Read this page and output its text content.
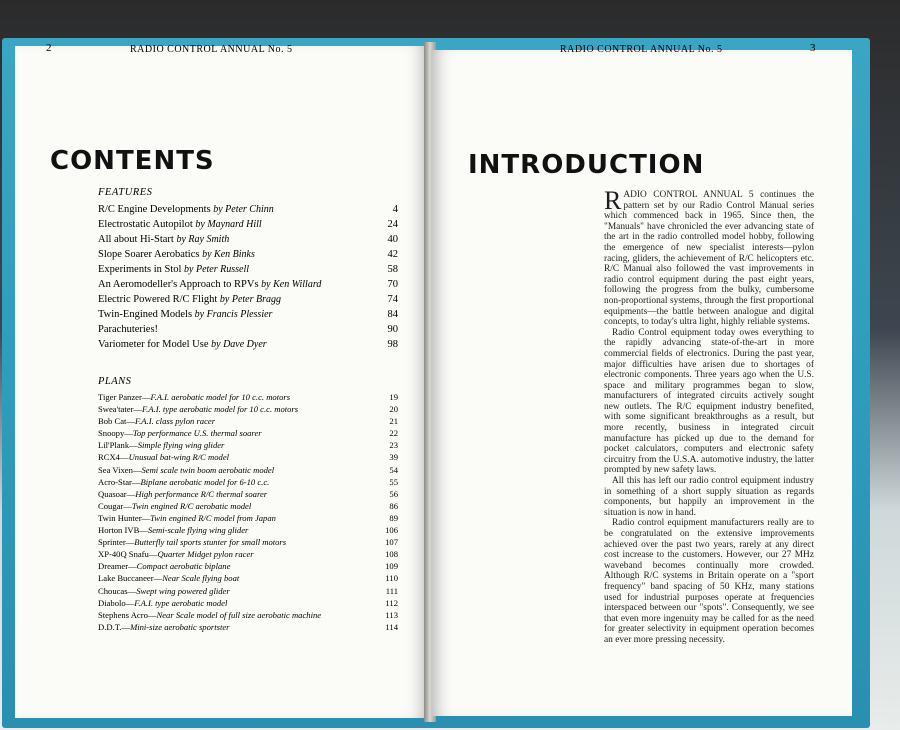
2	RADIO CONTROL ANNUAL No. 5
CONTENTS
FEATURES
R/C Engine Developments by Peter Chinn	4
Electrostatic Autopilot by Maynard Hill	24
All about Hi-Start by Ray Smith	40
Slope Soarer Aerobatics by Ken Binks	42
Experiments in Stol by Peter Russell	58
An Aeromodeller's Approach to RPVs by Ken Willard	70
Electric Powered R/C Flight by Peter Bragg	74
Twin-Engined Models by Francis Plessier	84
Parachuteries!	90
Variometer for Model Use by Dave Dyer	98
PLANS
Tiger Panzer—F.A.I. aerobatic model for 10 c.c. motors	19
Swea'tater—F.A.I. type aerobatic model for 10 c.c. motors	20
Bob Cat—F.A.I. class pylon racer	21
Snoopy—Top performance U.S. thermal soarer	22
Lil'Plank—Simple flying wing glider	23
RCX4—Unusual bat-wing R/C model	39
Sea Vixen—Semi scale twin boom aerobatic model	54
Acro-Star—Biplane aerobatic model for 6-10 c.c.	55
Quasoar—High performance R/C thermal soarer	56
Cougar—Twin engined R/C aerobatic model	86
Twin Hunter—Twin engined R/C model from Japan	89
Horton IVB—Semi-scale flying wing glider	106
Sprinter—Butterfly tail sports stunter for small motors	107
XP-40Q Snafu—Quarter Midget pylon racer	108
Dreamer—Compact aerobatic biplane	109
Lake Buccaneer—Near Scale flying boat	110
Choucas—Swept wing powered glider	111
Diabolo—F.A.I. type aerobatic model	112
Stephens Acro—Near Scale model of full size aerobatic machine	113
D.D.T.—Mini-size aerobatic sportster	114
RADIO CONTROL ANNUAL No. 5	3
INTRODUCTION

RADIO CONTROL ANNUAL 5 continues the pattern set by our Radio Control Manual series which commenced back in 1965. Since then, the "Manuals" have chronicled the ever advancing state of the art in the radio controlled model hobby, following the emergence of new specialist interests—pylon racing, gliders, the achievement of R/C helicopters etc. R/C Manual also followed the vast improvements in radio control equipment during the past eight years, following the progress from the bulky, cumbersome non-proportional systems, through the first proportional equipments—the battle between analogue and digital concepts, to today's ultra light, highly reliable systems.

Radio Control equipment today owes everything to the rapidly advancing state-of-the-art in more commercial fields of electronics. During the past year, major difficulties have arisen due to shortages of electronic components. Three years ago when the U.S. space and military programmes began to slow, manufacturers of integrated circuits actively sought new outlets. The R/C equipment industry benefited, with some significant breakthroughs as a result, but more recently, business in integrated circuit manufacture has picked up due to the demand for pocket calculators, computers and electronic safety circuitry from the U.S.A. automotive industry, the latter prompted by new safety laws.

All this has left our radio control equipment industry in something of a short supply situation as regards components, but happily an improvement in the situation is now in hand.

Radio control equipment manufacturers really are to be congratulated on the extensive improvements achieved over the past two years, rarely at any direct cost increase to the customers. However, our 27 MHz waveband becomes continually more crowded. Although R/C systems in Britain operate on a "sport frequency" band spacing of 50 KHz, many stations used for industrial purposes operate at frequencies interspaced between our "spots". Consequently, we see that even more ingenuity may be called for as the need for greater selectivity in equipment operation becomes an ever more pressing necessity.
